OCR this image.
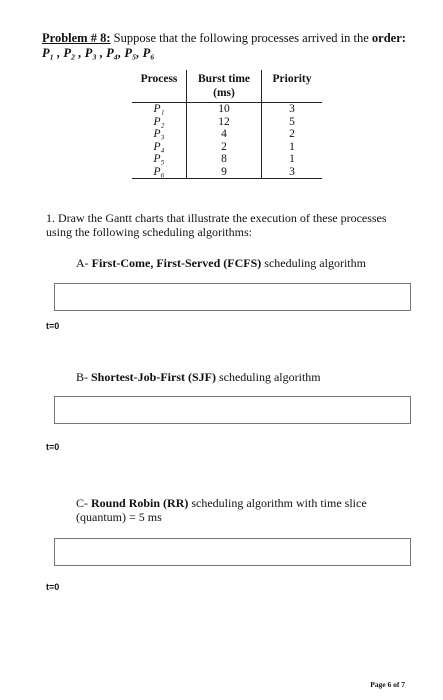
Problem # 8: Suppose that the following processes arrived in the order:
P₁ , P₂ , P₃ , P₄, P₅, P₆
Process	Burst time (ms)	Priority
P₁	10	3
P₂	12	5
P₃	4	2
P₄	2	1
P₅	8	1
P₆	9	3
1. Draw the Gantt charts that illustrate the execution of these processes using the following scheduling algorithms:
A- First-Come, First-Served (FCFS) scheduling algorithm
t=0
B- Shortest-Job-First (SJF) scheduling algorithm
t=0
C- Round Robin (RR) scheduling algorithm with time slice (quantum) = 5 ms
t=0
Page 6 of 7
